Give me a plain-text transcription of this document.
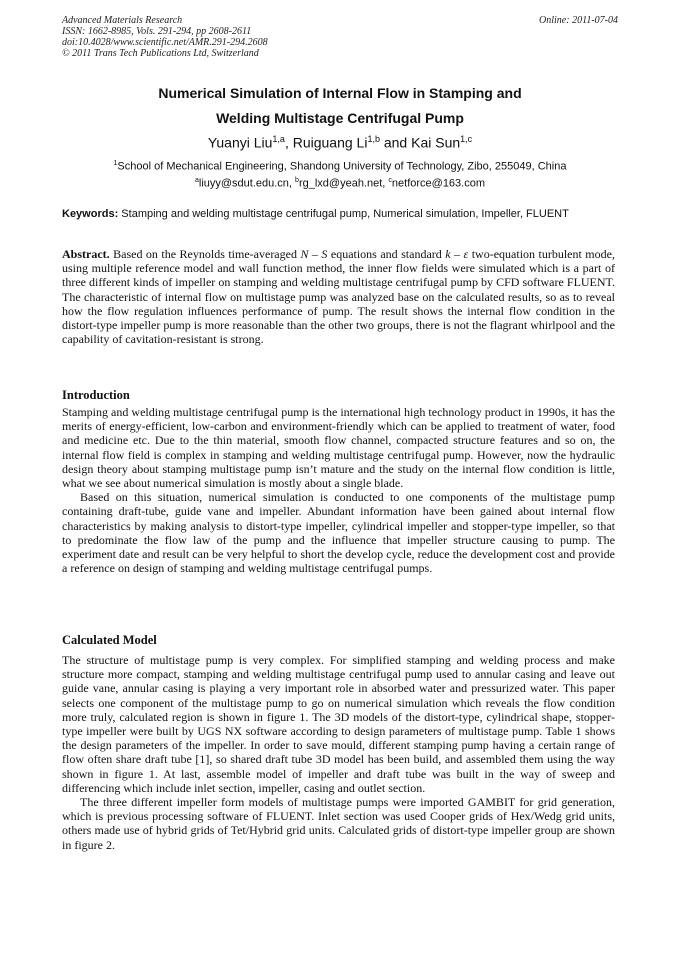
Advanced Materials Research
ISSN: 1662-8985, Vols. 291-294, pp 2608-2611
doi:10.4028/www.scientific.net/AMR.291-294.2608
© 2011 Trans Tech Publications Ltd, Switzerland
Online: 2011-07-04
Numerical Simulation of Internal Flow in Stamping and
Welding Multistage Centrifugal Pump
Yuanyi Liu$^{1,a}$, Ruiguang Li$^{1,b}$ and Kai Sun$^{1,c}$
$^1$School of Mechanical Engineering, Shandong University of Technology, Zibo, 255049, China
$^a$liuyy@sdut.edu.cn, $^b$rg_lxd@yeah.net, $^c$netforce@163.com
Keywords: Stamping and welding multistage centrifugal pump, Numerical simulation, Impeller, FLUENT

Abstract. Based on the Reynolds time-averaged N – S equations and standard k – ε two-equation turbulent mode, using multiple reference model and wall function method, the inner flow fields were simulated which is a part of three different kinds of impeller on stamping and welding multistage centrifugal pump by CFD software FLUENT. The characteristic of internal flow on multistage pump was analyzed base on the calculated results, so as to reveal how the flow regulation influences performance of pump. The result shows the internal flow condition in the distort-type impeller pump is more reasonable than the other two groups, there is not the flagrant whirlpool and the capability of cavitation-resistant is strong.

Introduction

Stamping and welding multistage centrifugal pump is the international high technology product in 1990s, it has the merits of energy-efficient, low-carbon and environment-friendly which can be applied to treatment of water, food and medicine etc. Due to the thin material, smooth flow channel, compacted structure features and so on, the internal flow field is complex in stamping and welding multistage centrifugal pump. However, now the hydraulic design theory about stamping multistage pump isn’t mature and the study on the internal flow condition is little, what we see about numerical simulation is mostly about a single blade.

Based on this situation, numerical simulation is conducted to one components of the multistage pump containing draft-tube, guide vane and impeller. Abundant information have been gained about internal flow characteristics by making analysis to distort-type impeller, cylindrical impeller and stopper-type impeller, so that to predominate the flow law of the pump and the influence that impeller structure causing to pump. The experiment date and result can be very helpful to short the develop cycle, reduce the development cost and provide a reference on design of stamping and welding multistage centrifugal pumps.

Calculated Model

The structure of multistage pump is very complex. For simplified stamping and welding process and make structure more compact, stamping and welding multistage centrifugal pump used to annular casing and leave out guide vane, annular casing is playing a very important role in absorbed water and pressurized water. This paper selects one component of the multistage pump to go on numerical simulation which reveals the flow condition more truly, calculated region is shown in figure 1. The 3D models of the distort-type, cylindrical shape, stopper-type impeller were built by UGS NX software according to design parameters of multistage pump. Table 1 shows the design parameters of the impeller. In order to save mould, different stamping pump having a certain range of flow often share draft tube [1], so shared draft tube 3D model has been build, and assembled them using the way shown in figure 1. At last, assemble model of impeller and draft tube was built in the way of sweep and differencing which include inlet section, impeller, casing and outlet section.

The three different impeller form models of multistage pumps were imported GAMBIT for grid generation, which is previous processing software of FLUENT. Inlet section was used Cooper grids of Hex/Wedg grid units, others made use of hybrid grids of Tet/Hybrid grid units. Calculated grids of distort-type impeller group are shown in figure 2.
